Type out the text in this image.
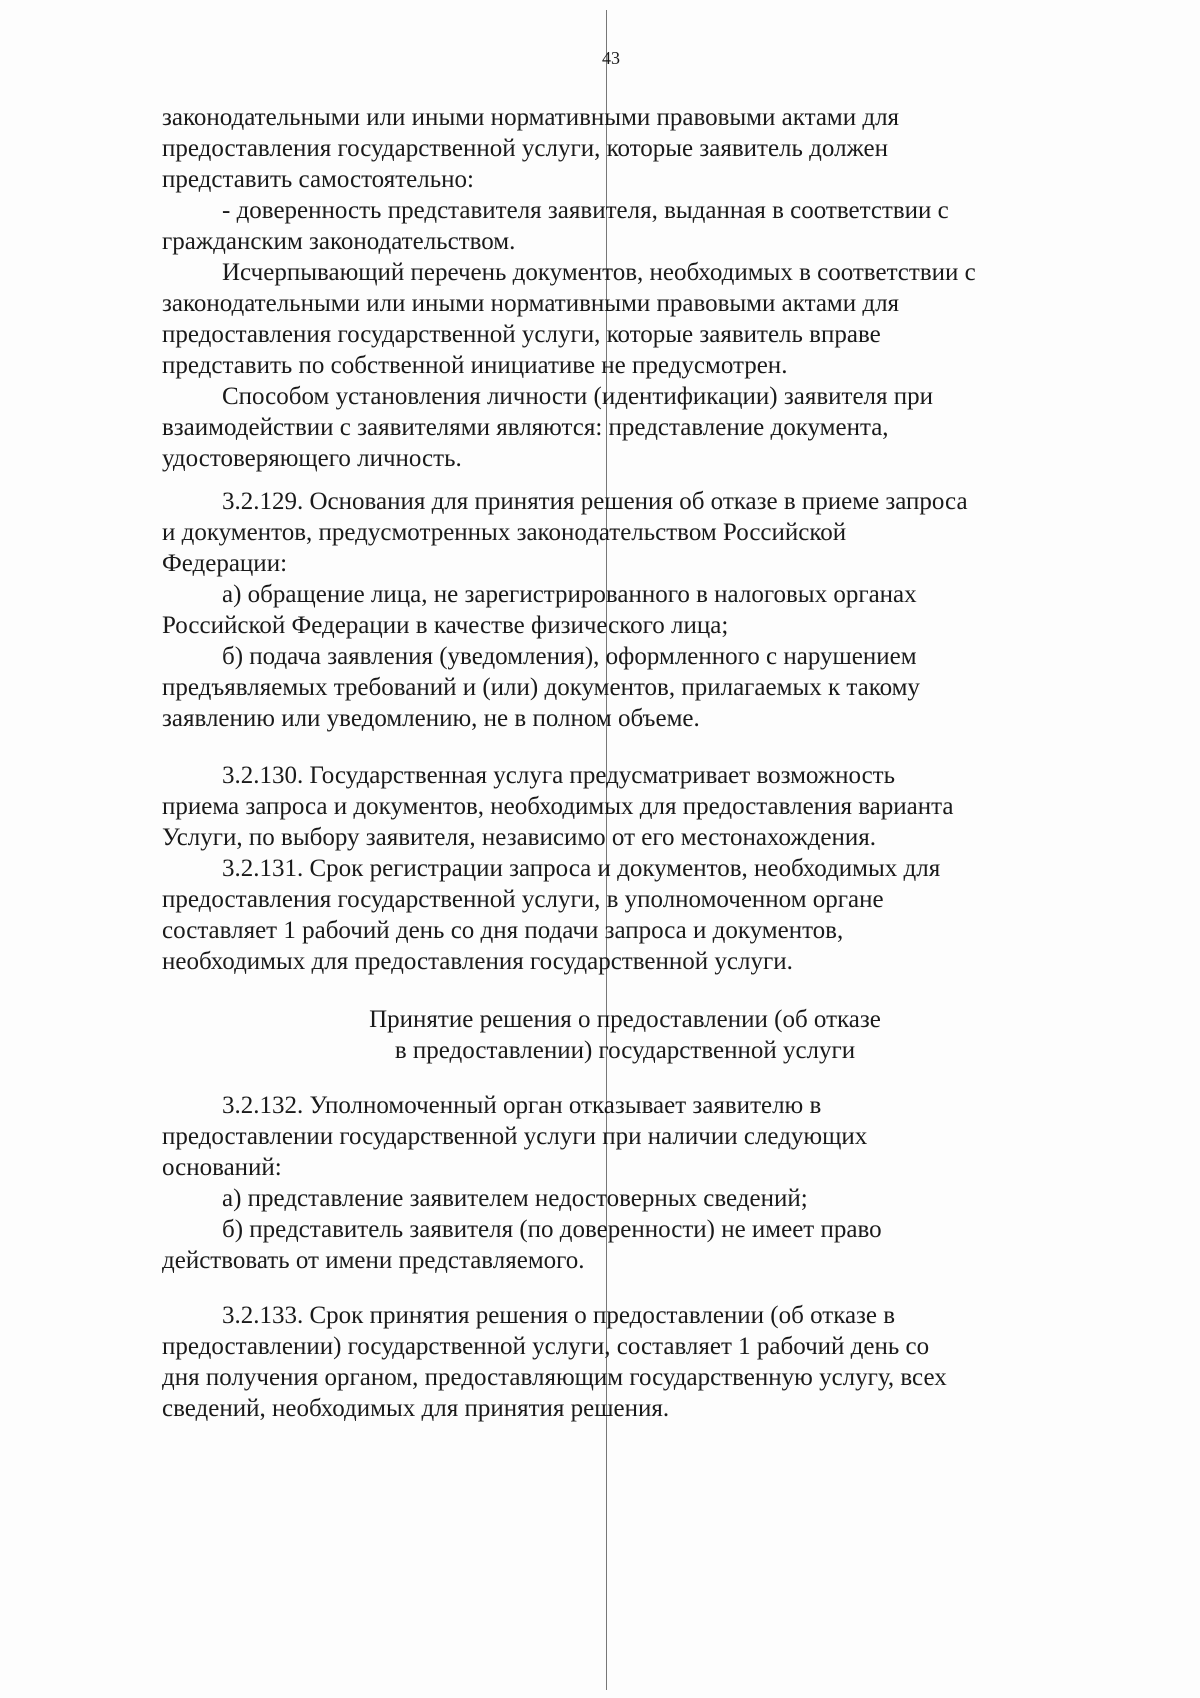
43

законодательными или иными нормативными правовыми актами для
предоставления государственной услуги, которые заявитель должен
представить самостоятельно:

- доверенность представителя заявителя, выданная в соответствии с
гражданским законодательством.

Исчерпывающий перечень документов, необходимых в соответствии с
законодательными или иными нормативными правовыми актами для
предоставления государственной услуги, которые заявитель вправе
представить по собственной инициативе не предусмотрен.

Способом установления личности (идентификации) заявителя при
взаимодействии с заявителями являются: представление документа,
удостоверяющего личность.

3.2.129. Основания для принятия решения об отказе в приеме запроса
и документов, предусмотренных законодательством Российской
Федерации:

а) обращение лица, не зарегистрированного в налоговых органах
Российской Федерации в качестве физического лица;

б) подача заявления (уведомления), оформленного с нарушением
предъявляемых требований и (или) документов, прилагаемых к такому
заявлению или уведомлению, не в полном объеме.

3.2.130. Государственная услуга предусматривает возможность
приема запроса и документов, необходимых для предоставления варианта
Услуги, по выбору заявителя, независимо от его местонахождения.

3.2.131. Срок регистрации запроса и документов, необходимых для
предоставления государственной услуги, в уполномоченном органе
составляет 1 рабочий день со дня подачи запроса и документов,
необходимых для предоставления государственной услуги.

Принятие решения о предоставлении (об отказе
в предоставлении) государственной услуги

3.2.132. Уполномоченный орган отказывает заявителю в
предоставлении государственной услуги при наличии следующих
оснований:

а) представление заявителем недостоверных сведений;

б) представитель заявителя (по доверенности) не имеет право
действовать от имени представляемого.

3.2.133. Срок принятия решения о предоставлении (об отказе в
предоставлении) государственной услуги, составляет 1 рабочий день со
дня получения органом, предоставляющим государственную услугу, всех
сведений, необходимых для принятия решения.
